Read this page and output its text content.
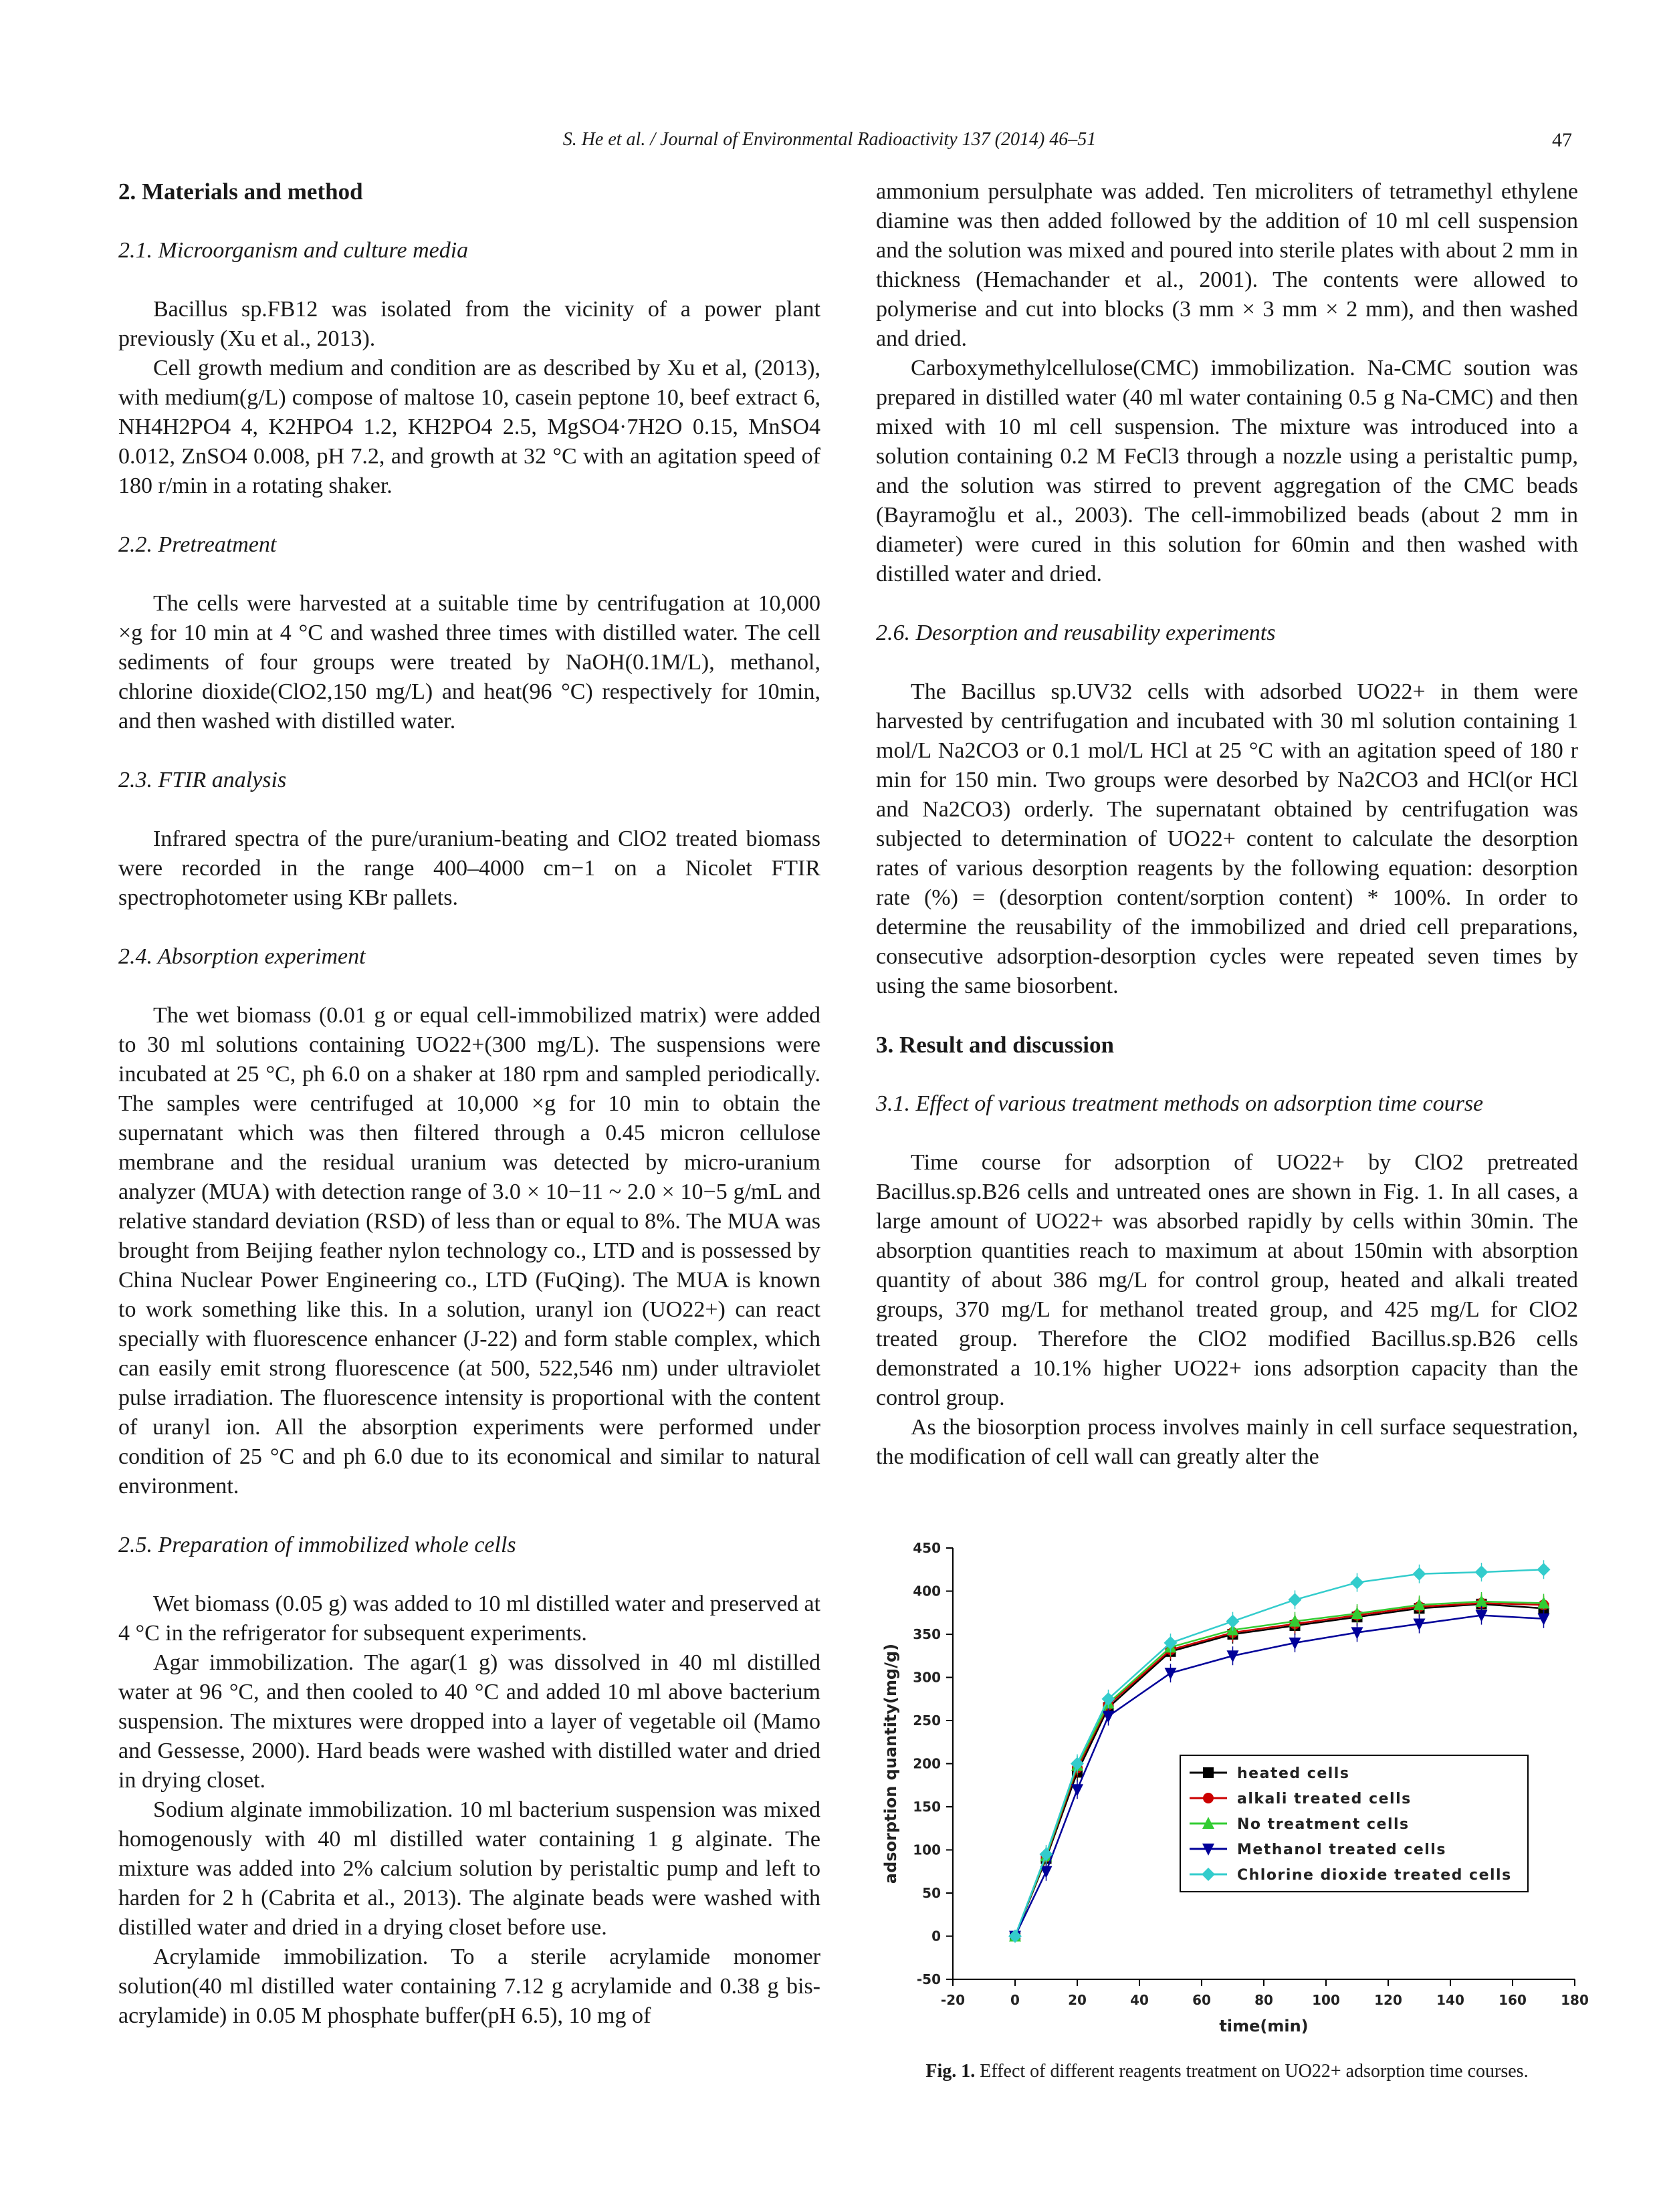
S. He et al. / Journal of Environmental Radioactivity 137 (2014) 46–51	47
2. Materials and method
2.1. Microorganism and culture media

Bacillus sp.FB12 was isolated from the vicinity of a power plant previously (Xu et al., 2013).

Cell growth medium and condition are as described by Xu et al, (2013), with medium(g/L) compose of maltose 10, casein peptone 10, beef extract 6, NH4H2PO4 4, K2HPO4 1.2, KH2PO4 2.5, MgSO4·7H2O 0.15, MnSO4 0.012, ZnSO4 0.008, pH 7.2, and growth at 32 °C with an agitation speed of 180 r/min in a rotating shaker.

2.2. Pretreatment

The cells were harvested at a suitable time by centrifugation at 10,000 ×g for 10 min at 4 °C and washed three times with distilled water. The cell sediments of four groups were treated by NaOH(0.1M/L), methanol, chlorine dioxide(ClO2,150 mg/L) and heat(96 °C) respectively for 10min, and then washed with distilled water.

2.3. FTIR analysis

Infrared spectra of the pure/uranium-beating and ClO2 treated biomass were recorded in the range 400–4000 cm−1 on a Nicolet FTIR spectrophotometer using KBr pallets.

2.4. Absorption experiment

The wet biomass (0.01 g or equal cell-immobilized matrix) were added to 30 ml solutions containing UO22+(300 mg/L). The suspensions were incubated at 25 °C, ph 6.0 on a shaker at 180 rpm and sampled periodically. The samples were centrifuged at 10,000 ×g for 10 min to obtain the supernatant which was then filtered through a 0.45 micron cellulose membrane and the residual uranium was detected by micro-uranium analyzer (MUA) with detection range of 3.0 × 10−11 ~ 2.0 × 10−5 g/mL and relative standard deviation (RSD) of less than or equal to 8%. The MUA was brought from Beijing feather nylon technology co., LTD and is possessed by China Nuclear Power Engineering co., LTD (FuQing). The MUA is known to work something like this. In a solution, uranyl ion (UO22+) can react specially with fluorescence enhancer (J-22) and form stable complex, which can easily emit strong fluorescence (at 500, 522,546 nm) under ultraviolet pulse irradiation. The fluorescence intensity is proportional with the content of uranyl ion. All the absorption experiments were performed under condition of 25 °C and ph 6.0 due to its economical and similar to natural environment.

2.5. Preparation of immobilized whole cells

Wet biomass (0.05 g) was added to 10 ml distilled water and preserved at 4 °C in the refrigerator for subsequent experiments.

Agar immobilization. The agar(1 g) was dissolved in 40 ml distilled water at 96 °C, and then cooled to 40 °C and added 10 ml above bacterium suspension. The mixtures were dropped into a layer of vegetable oil (Mamo and Gessesse, 2000). Hard beads were washed with distilled water and dried in drying closet.

Sodium alginate immobilization. 10 ml bacterium suspension was mixed homogenously with 40 ml distilled water containing 1 g alginate. The mixture was added into 2% calcium solution by peristaltic pump and left to harden for 2 h (Cabrita et al., 2013). The alginate beads were washed with distilled water and dried in a drying closet before use.

Acrylamide immobilization. To a sterile acrylamide monomer solution(40 ml distilled water containing 7.12 g acrylamide and 0.38 g bis-acrylamide) in 0.05 M phosphate buffer(pH 6.5), 10 mg of

ammonium persulphate was added. Ten microliters of tetramethyl ethylene diamine was then added followed by the addition of 10 ml cell suspension and the solution was mixed and poured into sterile plates with about 2 mm in thickness (Hemachander et al., 2001). The contents were allowed to polymerise and cut into blocks (3 mm × 3 mm × 2 mm), and then washed and dried.

Carboxymethylcellulose(CMC) immobilization. Na-CMC soution was prepared in distilled water (40 ml water containing 0.5 g Na-CMC) and then mixed with 10 ml cell suspension. The mixture was introduced into a solution containing 0.2 M FeCl3 through a nozzle using a peristaltic pump, and the solution was stirred to prevent aggregation of the CMC beads (Bayramoğlu et al., 2003). The cell-immobilized beads (about 2 mm in diameter) were cured in this solution for 60min and then washed with distilled water and dried.

2.6. Desorption and reusability experiments

The Bacillus sp.UV32 cells with adsorbed UO22+ in them were harvested by centrifugation and incubated with 30 ml solution containing 1 mol/L Na2CO3 or 0.1 mol/L HCl at 25 °C with an agitation speed of 180 r min for 150 min. Two groups were desorbed by Na2CO3 and HCl(or HCl and Na2CO3) orderly. The supernatant obtained by centrifugation was subjected to determination of UO22+ content to calculate the desorption rates of various desorption reagents by the following equation: desorption rate (%) = (desorption content/sorption content) * 100%. In order to determine the reusability of the immobilized and dried cell preparations, consecutive adsorption-desorption cycles were repeated seven times by using the same biosorbent.

3. Result and discussion
3.1. Effect of various treatment methods on adsorption time course

Time course for adsorption of UO22+ by ClO2 pretreated Bacillus.sp.B26 cells and untreated ones are shown in Fig. 1. In all cases, a large amount of UO22+ was absorbed rapidly by cells within 30min. The absorption quantities reach to maximum at about 150min with absorption quantity of about 386 mg/L for control group, heated and alkali treated groups, 370 mg/L for methanol treated group, and 425 mg/L for ClO2 treated group. Therefore the ClO2 modified Bacillus.sp.B26 cells demonstrated a 10.1% higher UO22+ ions adsorption capacity than the control group.

As the biosorption process involves mainly in cell surface sequestration, the modification of cell wall can greatly alter the

-20	0	20	40	60	80	100	120	140	160	180
-50
0
50
100
150
200
250
300
350
400
450
time(min)
adsorption quantity(mg/g)	heated cells
alkali treated cells
No treatment cells
Methanol treated cells
Chlorine dioxide treated cells
Fig. 1. Effect of different reagents treatment on UO22+ adsorption time courses.
